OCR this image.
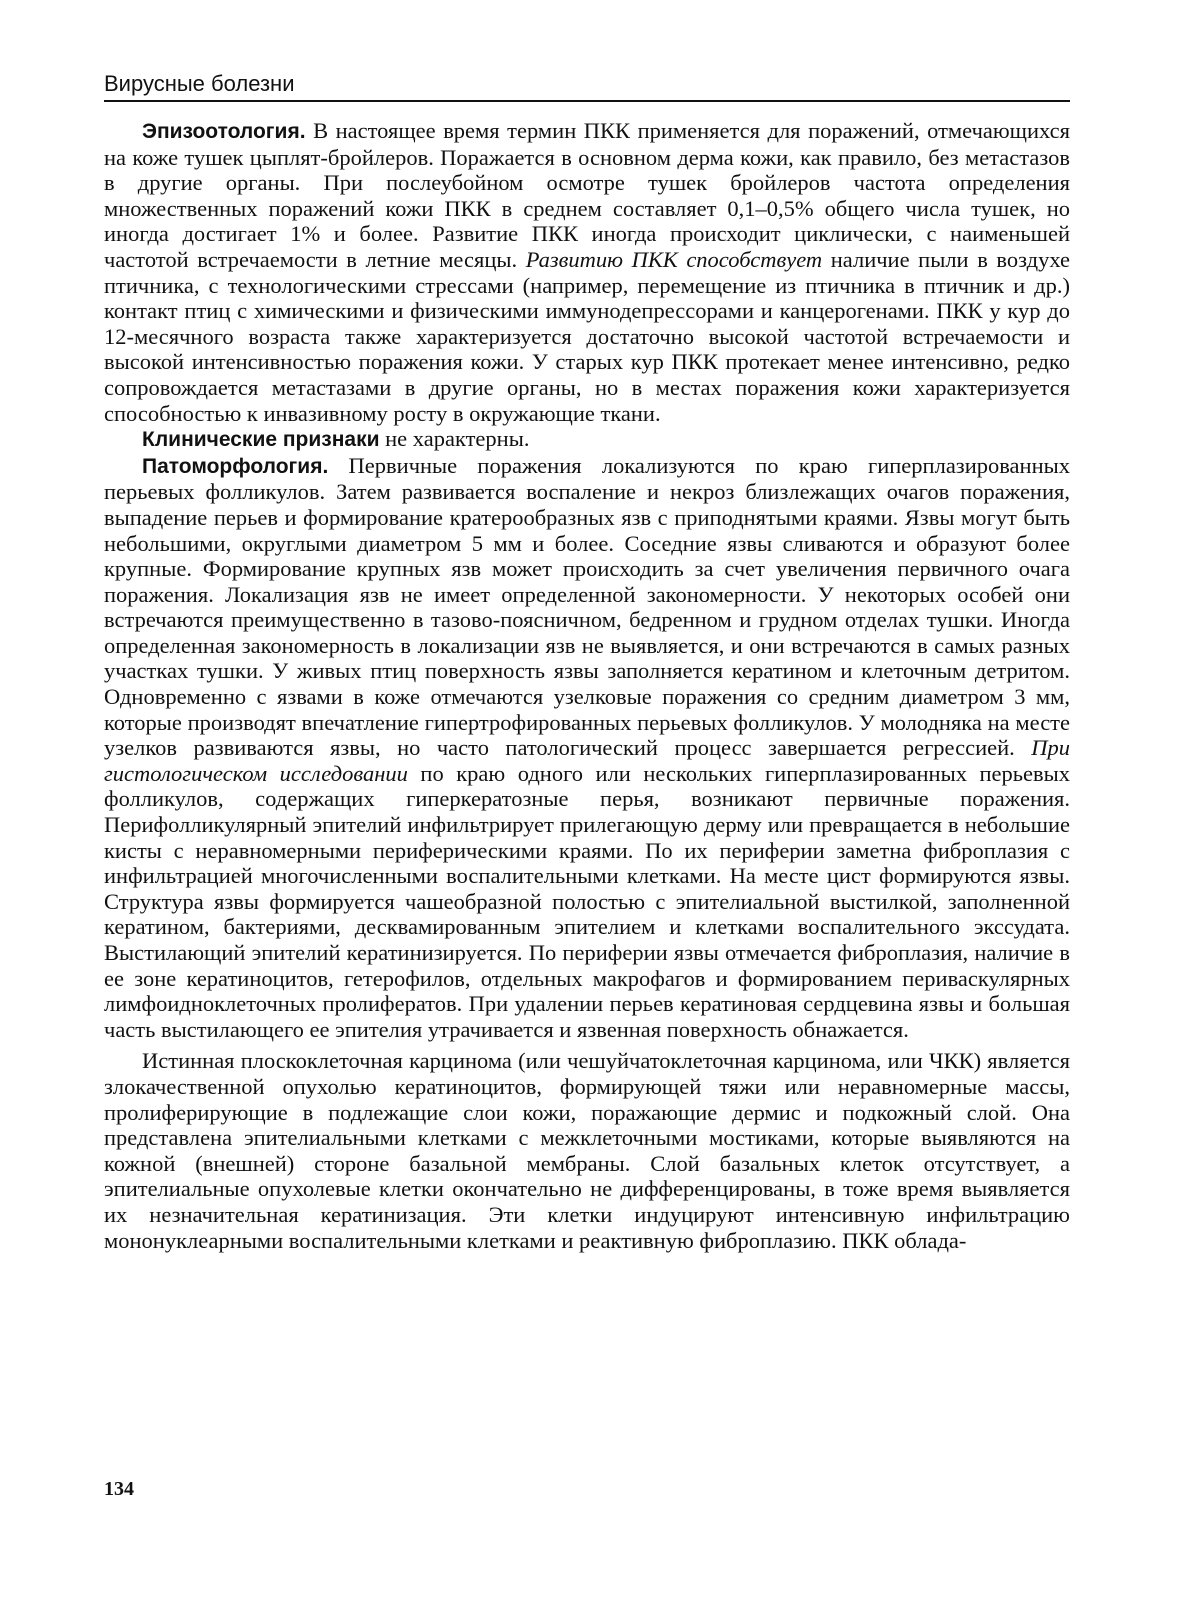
Вирусные болезни

Эпизоотология. В настоящее время термин ПКК применяется для поражений, отмечающихся на коже тушек цыплят-бройлеров. Поражается в основном дерма кожи, как правило, без метастазов в другие органы. При послеубойном осмотре тушек бройлеров частота определения множественных поражений кожи ПКК в среднем составляет 0,1–0,5% общего числа тушек, но иногда достигает 1% и более. Развитие ПКК иногда происходит циклически, с наименьшей частотой встречаемости в летние месяцы. Развитию ПКК способствует наличие пыли в воздухе птичника, с технологическими стрессами (например, перемещение из птичника в птичник и др.) контакт птиц с химическими и физическими иммунодепрессорами и канцерогенами. ПКК у кур до 12-месячного возраста также характеризуется достаточно высокой частотой встречаемости и высокой интенсивностью поражения кожи. У старых кур ПКК протекает менее интенсивно, редко сопровождается метастазами в другие органы, но в местах поражения кожи характеризуется способностью к инвазивному росту в окружающие ткани.

Клинические признаки не характерны.

Патоморфология. Первичные поражения локализуются по краю гиперплазированных перьевых фолликулов. Затем развивается воспаление и некроз близлежащих очагов поражения, выпадение перьев и формирование кратерообразных язв с приподнятыми краями. Язвы могут быть небольшими, округлыми диаметром 5 мм и более. Соседние язвы сливаются и образуют более крупные. Формирование крупных язв может происходить за счет увеличения первичного очага поражения. Локализация язв не имеет определенной закономерности. У некоторых особей они встречаются преимущественно в тазово-поясничном, бедренном и грудном отделах тушки. Иногда определенная закономерность в локализации язв не выявляется, и они встречаются в самых разных участках тушки. У живых птиц поверхность язвы заполняется кератином и клеточным детритом. Одновременно с язвами в коже отмечаются узелковые поражения со средним диаметром 3 мм, которые производят впечатление гипертрофированных перьевых фолликулов. У молодняка на месте узелков развиваются язвы, но часто патологический процесс завершается регрессией. При гистологическом исследовании по краю одного или нескольких гиперплазированных перьевых фолликулов, содержащих гиперкератозные перья, возникают первичные поражения. Перифолликулярный эпителий инфильтрирует прилегающую дерму или превращается в небольшие кисты с неравномерными периферическими краями. По их периферии заметна фиброплазия с инфильтрацией многочисленными воспалительными клетками. На месте цист формируются язвы. Структура язвы формируется чашеобразной полостью с эпителиальной выстилкой, заполненной кератином, бактериями, десквамированным эпителием и клетками воспалительного экссудата. Выстилающий эпителий кератинизируется. По периферии язвы отмечается фиброплазия, наличие в ее зоне кератиноцитов, гетерофилов, отдельных макрофагов и формированием периваскулярных лимфоидноклеточных пролифератов. При удалении перьев кератиновая сердцевина язвы и большая часть выстилающего ее эпителия утрачивается и язвенная поверхность обнажается.

Истинная плоскоклеточная карцинома (или чешуйчатоклеточная карцинома, или ЧКК) является злокачественной опухолью кератиноцитов, формирующей тяжи или неравномерные массы, пролиферирующие в подлежащие слои кожи, поражающие дермис и подкожный слой. Она представлена эпителиальными клетками с межклеточными мостиками, которые выявляются на кожной (внешней) стороне базальной мембраны. Слой базальных клеток отсутствует, а эпителиальные опухолевые клетки окончательно не дифференцированы, в тоже время выявляется их незначительная кератинизация. Эти клетки индуцируют интенсивную инфильтрацию мононуклеарными воспалительными клетками и реактивную фиброплазию. ПКК облада-

134
